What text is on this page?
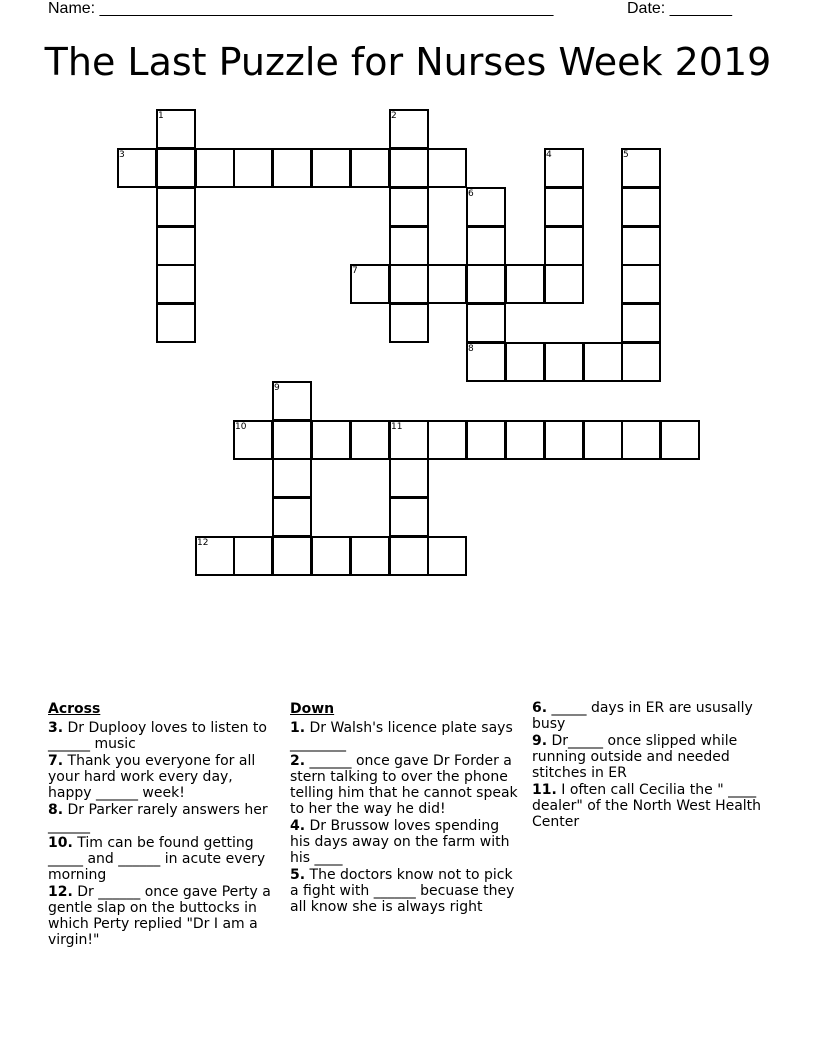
Name: ___________________________________________________	Date: _______
The Last Puzzle for Nurses Week 2019
1	2
3	4	5
6
7
8
9
10	11
12
Across
3. Dr Duplooy loves to listen to ______ music
7. Thank you everyone for all your hard work every day, happy ______ week!
8. Dr Parker rarely answers her ______
10. Tim can be found getting _____ and ______ in acute every morning
12. Dr ______ once gave Perty a gentle slap on the buttocks in which Perty replied "Dr I am a virgin!"
Down
1. Dr Walsh's licence plate says ________
2. ______ once gave Dr Forder a stern talking to over the phone telling him that he cannot speak to her the way he did!
4. Dr Brussow loves spending his days away on the farm with his ____
5. The doctors know not to pick a fight with ______ becuase they all know she is always right
6. _____ days in ER are ususally busy
9. Dr_____ once slipped while running outside and needed stitches in ER
11. I often call Cecilia the " ____ dealer" of the North West Health Center
